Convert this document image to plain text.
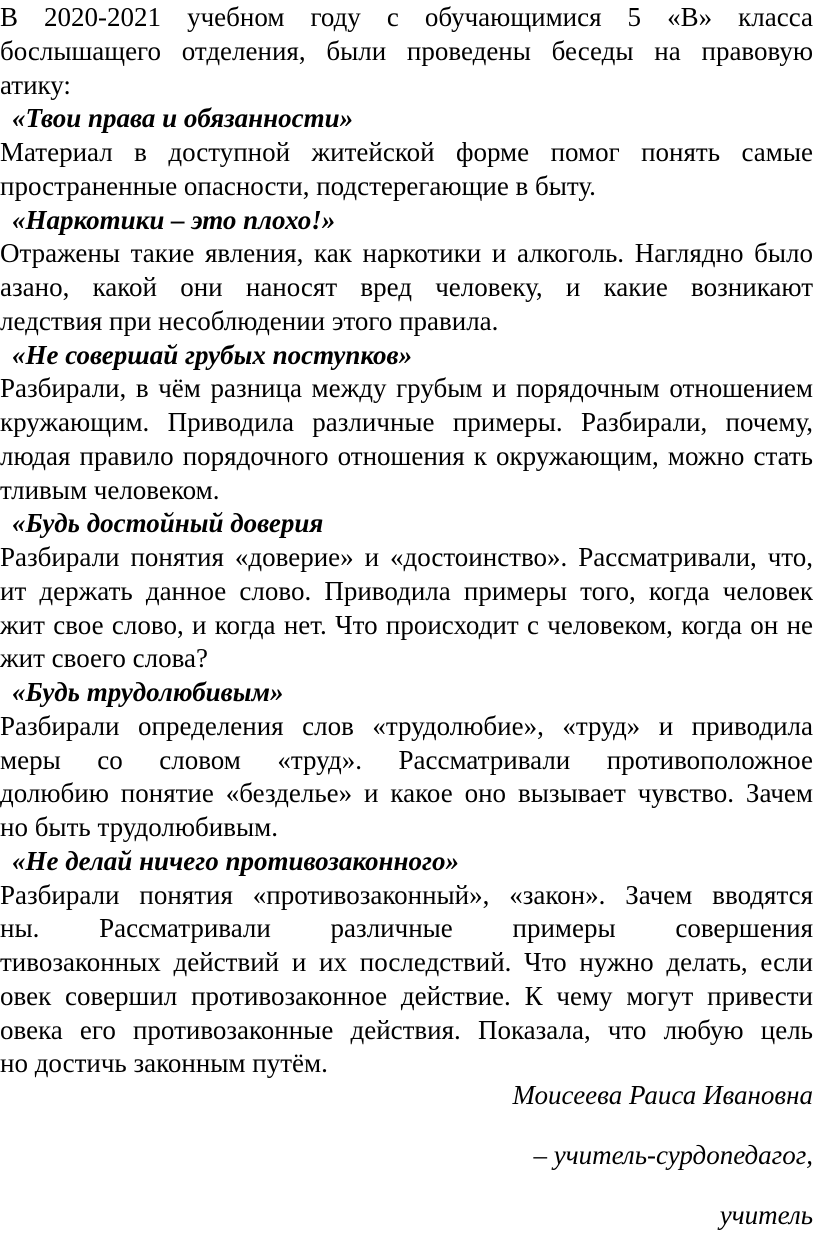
В 2020-2021 учебном году с обучающимися 5 «В» класса
бослышащего отделения, были проведены беседы на правовую
атику:
«Твои права и обязанности»
Материал в доступной житейской форме помог понять самые
пространенные опасности, подстерегающие в быту.
«Наркотики – это плохо!»
Отражены такие явления, как наркотики и алкоголь. Наглядно было
азано, какой они наносят вред человеку, и какие возникают
ледствия при несоблюдении этого правила.
«Не совершай грубых поступков»
Разбирали, в чём разница между грубым и порядочным отношением
кружающим. Приводила различные примеры. Разбирали, почему,
людая правило порядочного отношения к окружающим, можно стать
тливым человеком.
«Будь достойный доверия
Разбирали понятия «доверие» и «достоинство». Рассматривали, что,
ит держать данное слово. Приводила примеры того, когда человек
жит свое слово, и когда нет. Что происходит с человеком, когда он не
жит своего слова?
«Будь трудолюбивым»
Разбирали определения слов «трудолюбие», «труд» и приводила
меры со словом «труд». Рассматривали противоположное
долюбию понятие «безделье» и какое оно вызывает чувство. Зачем
но быть трудолюбивым.
«Не делай ничего противозаконного»
Разбирали понятия «противозаконный», «закон». Зачем вводятся
ны. Рассматривали различные примеры совершения
тивозаконных действий и их последствий. Что нужно делать, если
овек совершил противозаконное действие. К чему могут привести
овека его противозаконные действия. Показала, что любую цель
но достичь законным путём.
Моисеева Раиса Ивановна
– учитель-сурдопедагог,
учитель
